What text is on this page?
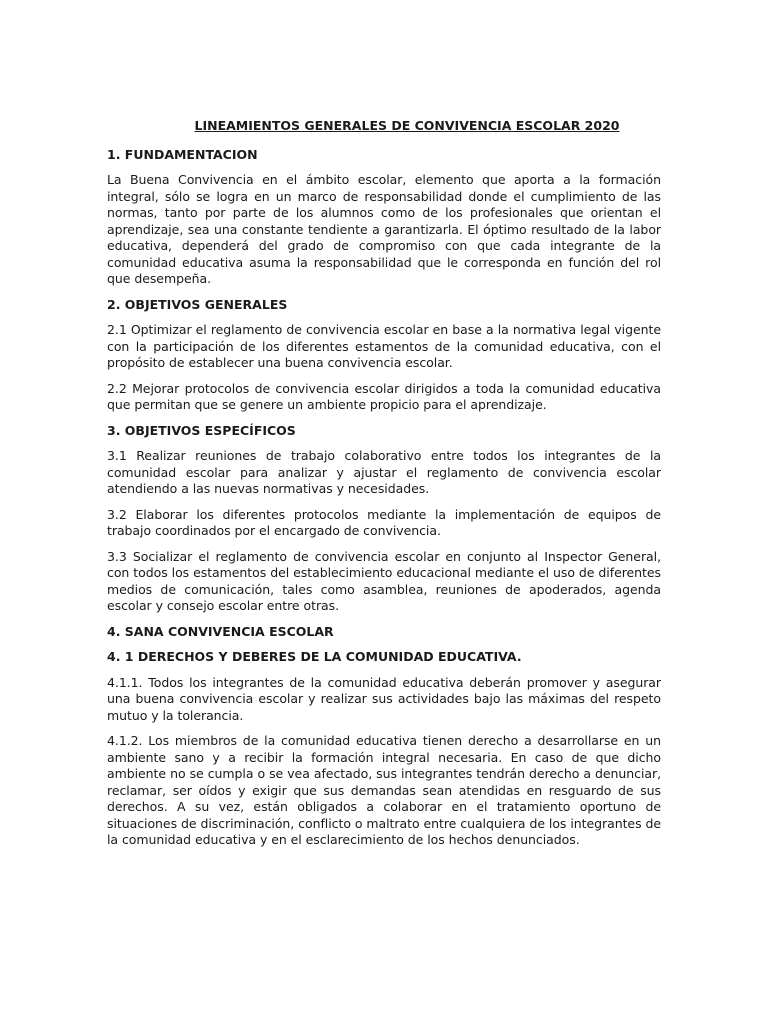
LINEAMIENTOS GENERALES DE CONVIVENCIA ESCOLAR 2020
1. FUNDAMENTACION

La Buena Convivencia en el ámbito escolar, elemento que aporta a la formación integral, sólo se logra en un marco de responsabilidad donde el cumplimiento de las normas, tanto por parte de los alumnos como de los profesionales que orientan el aprendizaje, sea una constante tendiente a garantizarla. El óptimo resultado de la labor educativa, dependerá del grado de compromiso con que cada integrante de la comunidad educativa asuma la responsabilidad que le corresponda en función del rol que desempeña.

2. OBJETIVOS GENERALES

2.1 Optimizar el reglamento de convivencia escolar en base a la normativa legal vigente con la participación de los diferentes estamentos de la comunidad educativa, con el propósito de establecer una buena convivencia escolar.

2.2 Mejorar protocolos de convivencia escolar dirigidos a toda la comunidad educativa que permitan que se genere un ambiente propicio para el aprendizaje.

3. OBJETIVOS ESPECÍFICOS

3.1 Realizar reuniones de trabajo colaborativo entre todos los integrantes de la comunidad escolar para analizar y ajustar el reglamento de convivencia escolar atendiendo a las nuevas normativas y necesidades.

3.2 Elaborar los diferentes protocolos mediante la implementación de equipos de trabajo coordinados por el encargado de convivencia.

3.3 Socializar el reglamento de convivencia escolar en conjunto al Inspector General, con todos los estamentos del establecimiento educacional mediante el uso de diferentes medios de comunicación, tales como asamblea, reuniones de apoderados, agenda escolar y consejo escolar entre otras.

4. SANA CONVIVENCIA ESCOLAR
4. 1 DERECHOS Y DEBERES DE LA COMUNIDAD EDUCATIVA.

4.1.1. Todos los integrantes de la comunidad educativa deberán promover y asegurar una buena convivencia escolar y realizar sus actividades bajo las máximas del respeto mutuo y la tolerancia.

4.1.2. Los miembros de la comunidad educativa tienen derecho a desarrollarse en un ambiente sano y a recibir la formación integral necesaria. En caso de que dicho ambiente no se cumpla o se vea afectado, sus integrantes tendrán derecho a denunciar, reclamar, ser oídos y exigir que sus demandas sean atendidas en resguardo de sus derechos. A su vez, están obligados a colaborar en el tratamiento oportuno de situaciones de discriminación, conflicto o maltrato entre cualquiera de los integrantes de la comunidad educativa y en el esclarecimiento de los hechos denunciados.
